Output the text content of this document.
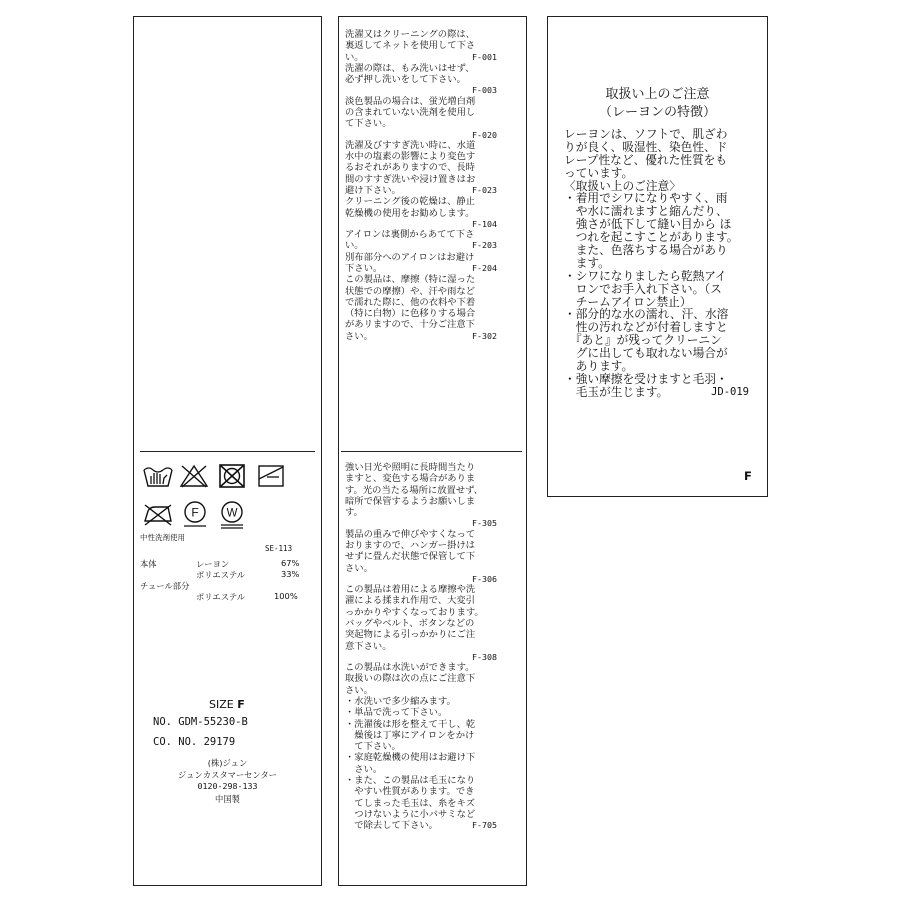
F W
中性洗剤使用
SE-113
本体	レーヨン	67%
ポリエステル	33%
チュール部分
ポリエステル	100%
SIZE F
NO. GDM-55230-B
CO. NO. 29179
(株)ジュン
ジュンカスタマーセンター
0120-298-133
中国製
洗濯又はクリーニングの際は、
裏返してネットを使用して下さ
い。	F-001
洗濯の際は、もみ洗いはせず、
必ず押し洗いをして下さい。
F-003
淡色製品の場合は、蛍光増白剤
の含まれていない洗剤を使用し
て下さい。
F-020
洗濯及びすすぎ洗い時に、水道
水中の塩素の影響により変色す
るおそれがありますので、長時
間のすすぎ洗いや浸け置きはお
避け下さい。	F-023
クリーニング後の乾燥は、静止
乾燥機の使用をお勧めします。
F-104
アイロンは裏側からあてて下さ
い。	F-203
別布部分へのアイロンはお避け
下さい。	F-204
この製品は、摩擦（特に湿った
状態での摩擦）や、汗や雨など
で濡れた際に、他の衣料や下着
（特に白物）に色移りする場合
があリますので、十分ご注意下
さい。	F-302
強い日光や照明に長時間当たり
ますと、変色する場合がありま
す。光の当たる場所に放置せず、
暗所で保管するようお願いしま
す。
F-305
製品の重みで伸びやすくなって
おりますので、ハンガー掛けは
せずに畳んだ状態で保管して下
さい。
F-306
この製品は着用による摩擦や洗
濯による揉まれ作用で、大変引
っかかりやすくなっております。
バッグやベルト、ボタンなどの
突起物による引っかかりにご注
意下さい。
F-308
この製品は水洗いができます。
取扱いの際は次の点にご注意下
さい。
・水洗いで多少縮みます。
・単品で洗って下さい。
・洗濯後は形を整えて干し、乾
　燥後は丁寧にアイロンをかけ
　て下さい。
・家庭乾燥機の使用はお避け下
　さい。
・また、この製品は毛玉になり
　やすい性質があります。でき
　てしまった毛玉は、糸をキズ
　つけないように小バサミなど
　で除去して下さい。	F-705
取扱い上のご注意
（レーヨンの特徴）
レーヨンは、ソフトで、肌ざわ
りが良く、吸湿性、染色性、ド
レープ性など、優れた性質をも
っています。
〈取扱い上のご注意〉
・着用でシワになりやすく、雨
　や水に濡れますと縮んだり、
　強さが低下して縫い目から ほ
　つれを起こすことがあります。
　また、色落ちする場合があり
　ます。
・シワになりましたら乾熱アイ
　ロンでお手入れ下さい。（ス
　チームアイロン禁止）
・部分的な水の濡れ、汗、水溶
　性の汚れなどが付着しますと
　『あと』が残ってクリーニン
　グに出しても取れない場合が
　あります。
・強い摩擦を受けますと毛羽・
　毛玉が生じます。	JD-019
F
